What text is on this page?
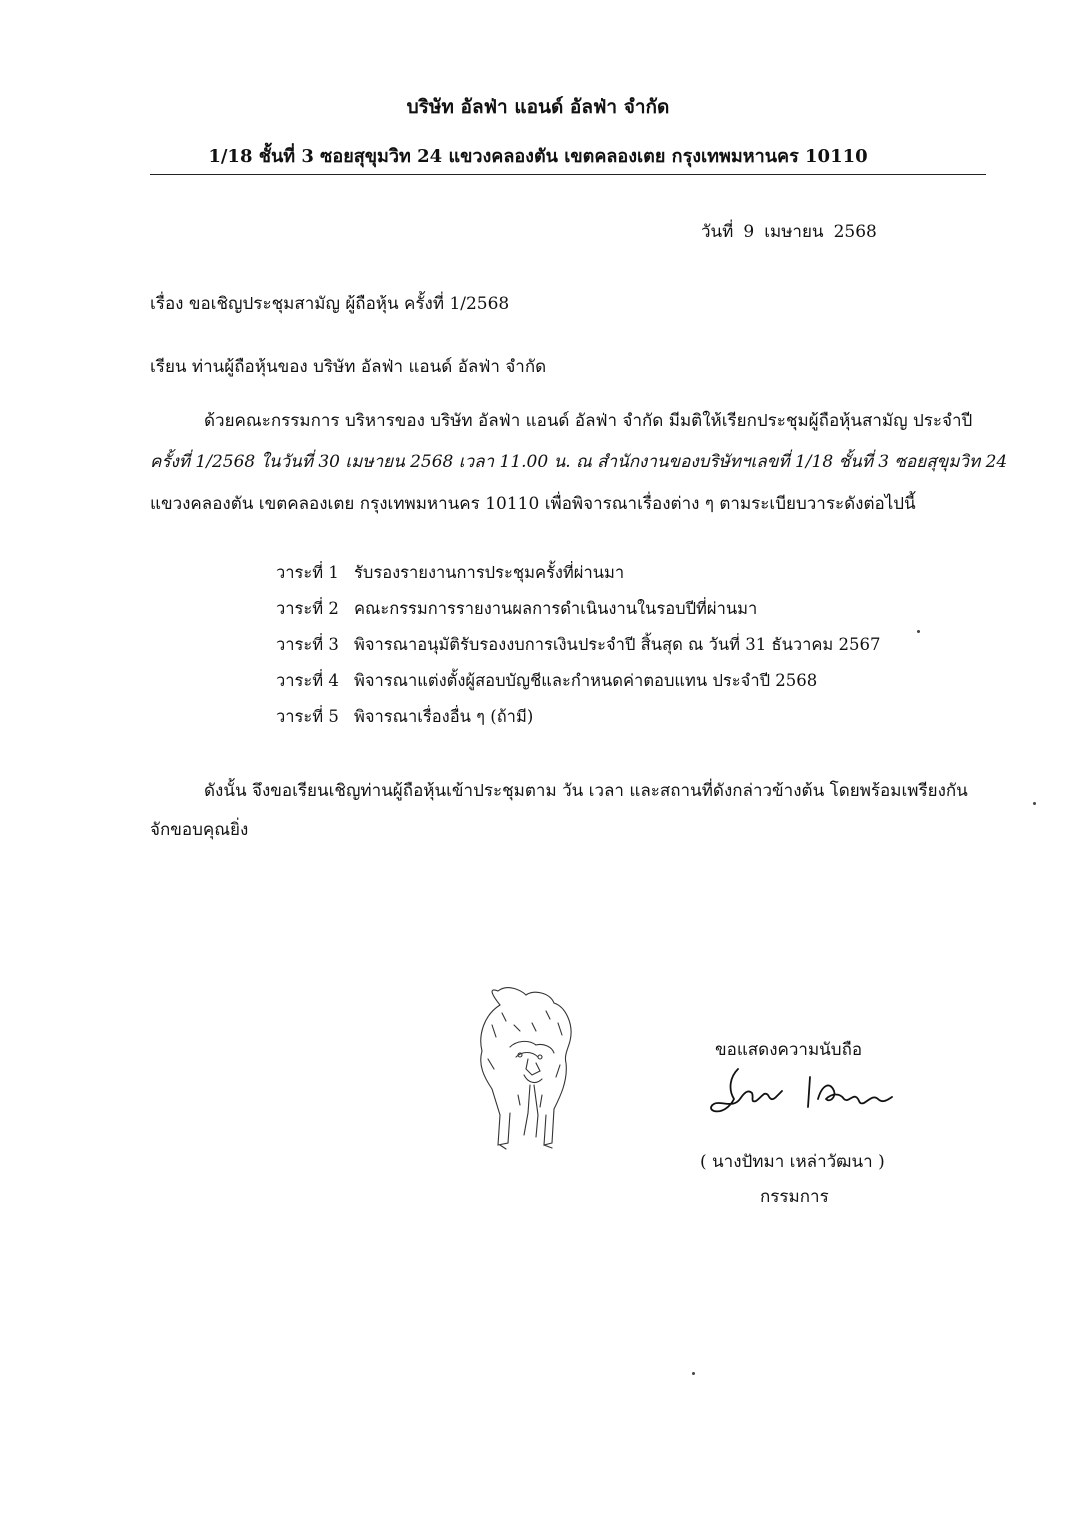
บริษัท อัลฟ่า แอนด์ อัลฟ่า จำกัด
1/18 ชั้นที่ 3 ซอยสุขุมวิท 24 แขวงคลองตัน เขตคลองเตย กรุงเทพมหานคร 10110
วันที่ 9 เมษายน 2568
เรื่อง ขอเชิญประชุมสามัญ ผู้ถือหุ้น ครั้งที่ 1/2568
เรียน ท่านผู้ถือหุ้นของ บริษัท อัลฟ่า แอนด์ อัลฟ่า จำกัด
ด้วยคณะกรรมการ บริหารของ บริษัท อัลฟ่า แอนด์ อัลฟ่า จำกัด มีมติให้เรียกประชุมผู้ถือหุ้นสามัญ ประจำปี
ครั้งที่ 1/2568 ในวันที่ 30 เมษายน 2568 เวลา 11.00 น. ณ สำนักงานของบริษัทฯเลขที่ 1/18 ชั้นที่ 3 ซอยสุขุมวิท 24
แขวงคลองตัน เขตคลองเตย กรุงเทพมหานคร 10110 เพื่อพิจารณาเรื่องต่าง ๆ ตามระเบียบวาระดังต่อไปนี้
วาระที่ 1 รับรองรายงานการประชุมครั้งที่ผ่านมา
วาระที่ 2 คณะกรรมการรายงานผลการดำเนินงานในรอบปีที่ผ่านมา
วาระที่ 3 พิจารณาอนุมัติรับรองงบการเงินประจำปี สิ้นสุด ณ วันที่ 31 ธันวาคม 2567
วาระที่ 4 พิจารณาแต่งตั้งผู้สอบบัญชีและกำหนดค่าตอบแทน ประจำปี 2568
วาระที่ 5 พิจารณาเรื่องอื่น ๆ (ถ้ามี)
ดังนั้น จึงขอเรียนเชิญท่านผู้ถือหุ้นเข้าประชุมตาม วัน เวลา และสถานที่ดังกล่าวข้างต้น โดยพร้อมเพรียงกัน
จักขอบคุณยิ่ง
ขอแสดงความนับถือ
( นางปัทมา เหล่าวัฒนา )
กรรมการ
